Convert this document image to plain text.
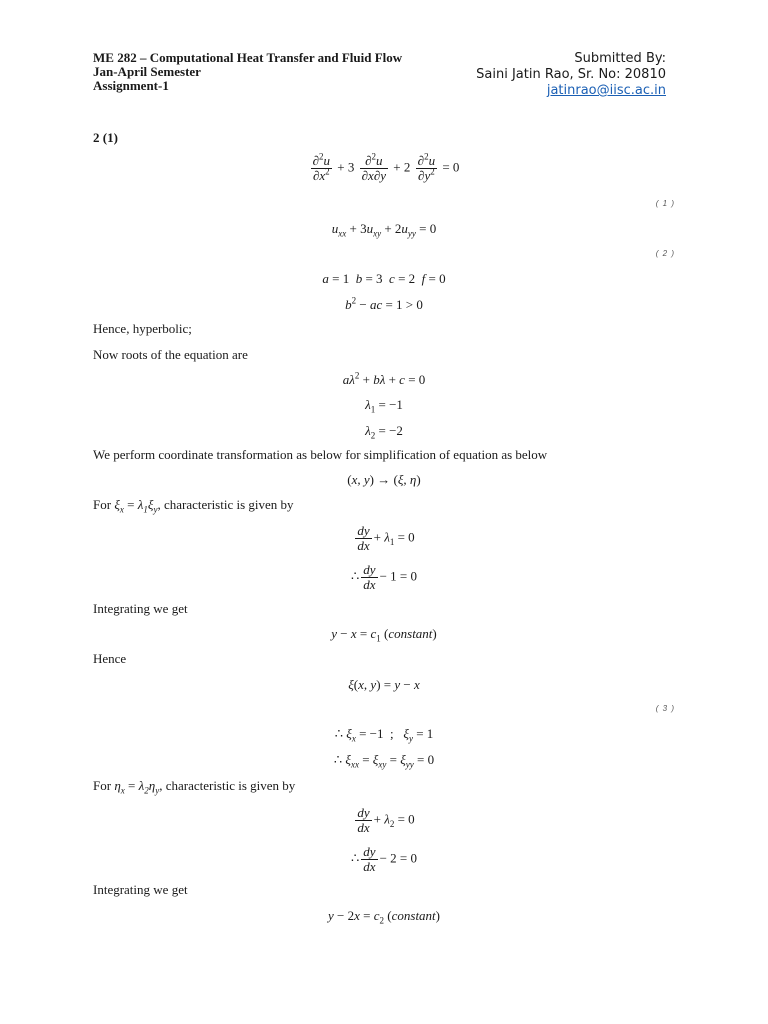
ME 282 – Computational Heat Transfer and Fluid Flow
Jan-April Semester
Assignment-1
Submitted By:
Saini Jatin Rao, Sr. No: 20810
jatinrao@iisc.ac.in
2 (1)
$\frac{\partial^2u}{\partial x^2} + 3 \frac{\partial^2u}{\partial x\partial y} + 2 \frac{\partial^2u}{\partial y^2} = 0$
( 1 )
$u_{xx} + 3u_{xy} + 2u_{yy} = 0$
( 2 )
a = 1  b = 3  c = 2  f = 0
$b^2$ − ac = 1 > 0
Hence, hyperbolic;
Now roots of the equation are
$a\lambda^2 + b\lambda + c = 0$
$\lambda_1 = -1$
$\lambda_2 = -2$
We perform coordinate transformation as below for simplification of equation as below
(x, y) → (ξ, η)
For $\xi_x = \lambda_1\xi_y$, characteristic is given by
$\frac{dy}{dx} + \lambda_1 = 0$
∴ $\frac{dy}{dx} - 1 = 0$
Integrating we get
$y - x = c_1$ (constant)
Hence
ξ(x, y) = y − x
( 3 )
∴ $\xi_x = -1$  ;   $\xi_y = 1$
∴ $\xi_{xx} = \xi_{xy} = \xi_{yy} = 0$
For $\eta_x = \lambda_2\eta_y$, characteristic is given by
$\frac{dy}{dx} + \lambda_2 = 0$
∴ $\frac{dy}{dx} - 2 = 0$
Integrating we get
$y - 2x = c_2$ (constant)
